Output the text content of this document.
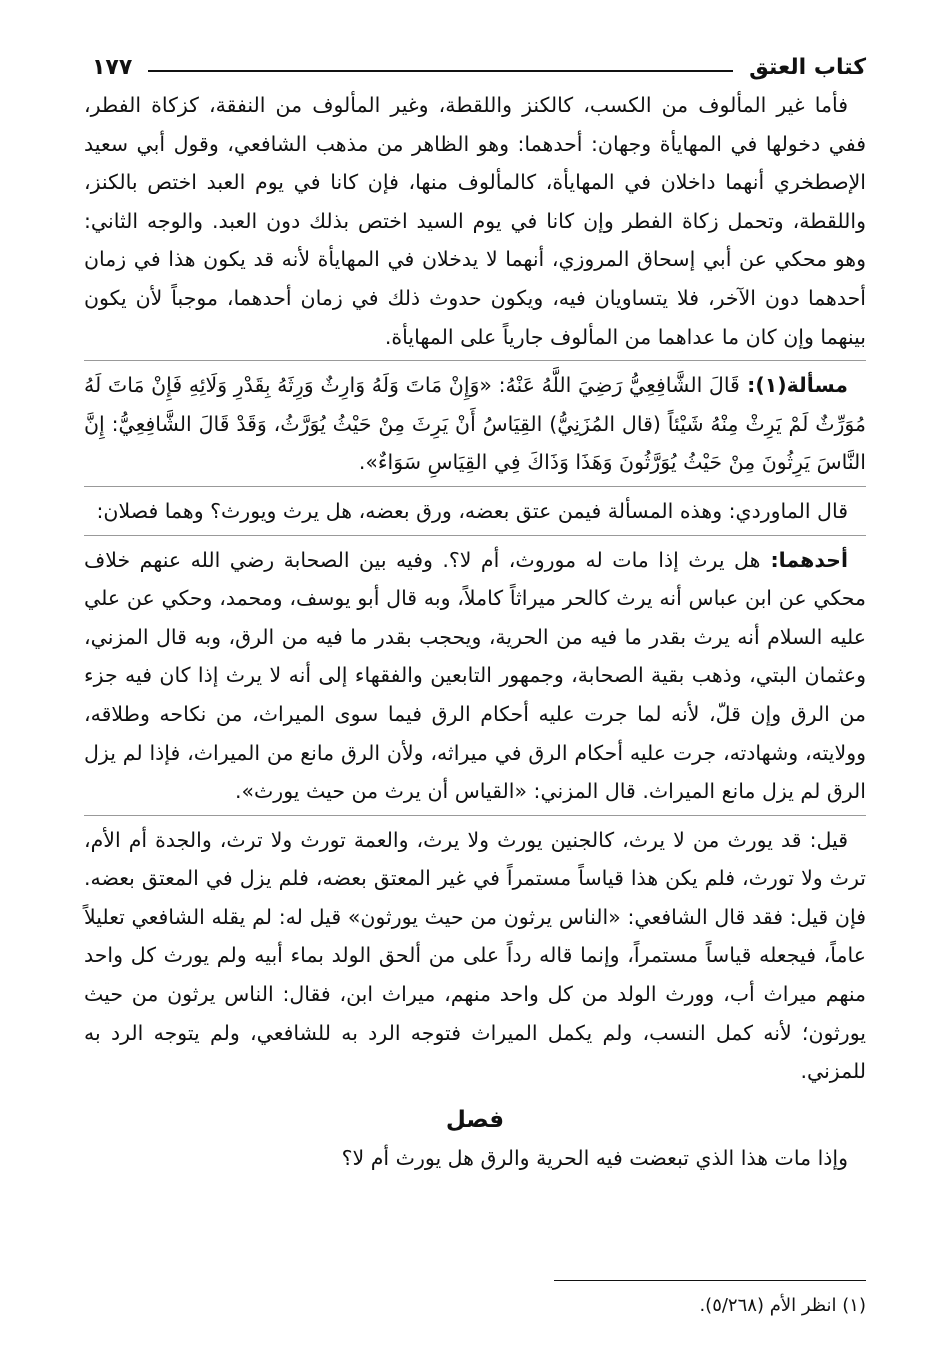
كتاب العتق
١٧٧

فأما غير المألوف من الكسب، كالكنز واللقطة، وغير المألوف من النفقة، كزكاة الفطر، ففي دخولها في المهايأة وجهان: أحدهما: وهو الظاهر من مذهب الشافعي، وقول أبي سعيد الإصطخري أنهما داخلان في المهايأة، كالمألوف منها، فإن كانا في يوم العبد اختص بالكنز، واللقطة، وتحمل زكاة الفطر وإن كانا في يوم السيد اختص بذلك دون العبد. والوجه الثاني: وهو محكي عن أبي إسحاق المروزي، أنهما لا يدخلان في المهايأة لأنه قد يكون هذا في زمان أحدهما دون الآخر، فلا يتساويان فيه، ويكون حدوث ذلك في زمان أحدهما، موجباً لأن يكون بينهما وإن كان ما عداهما من المألوف جارياً على المهايأة.

مسألة(١): قَالَ الشَّافِعِيُّ رَضِيَ اللَّهُ عَنْهُ: «وَإِنْ مَاتَ وَلَهُ وَارِثٌ وَرِثَهُ بِقَدْرِ وَلَائِهِ فَإِنْ مَاتَ لَهُ مُوَرِّثٌ لَمْ يَرِثْ مِنْهُ شَيْئاً (قال المُزَنِيُّ) القِيَاسُ أَنْ يَرِثَ مِنْ حَيْثُ يُوَرَّثُ، وَقَدْ قَالَ الشَّافِعِيُّ: إِنَّ النَّاسَ يَرِثُونَ مِنْ حَيْثُ يُوَرَّثُونَ وَهَذَا وَذَاكَ فِي القِيَاسِ سَوَاءٌ».

قال الماوردي: وهذه المسألة فيمن عتق بعضه، ورق بعضه، هل يرث ويورث؟ وهما فصلان:

أحدهما: هل يرث إذا مات له موروث، أم لا؟. وفيه بين الصحابة رضي الله عنهم خلاف محكي عن ابن عباس أنه يرث كالحر ميراثاً كاملاً، وبه قال أبو يوسف، ومحمد، وحكي عن علي عليه السلام أنه يرث بقدر ما فيه من الحرية، ويحجب بقدر ما فيه من الرق، وبه قال المزني، وعثمان البتي، وذهب بقية الصحابة، وجمهور التابعين والفقهاء إلى أنه لا يرث إذا كان فيه جزء من الرق وإن قلّ، لأنه لما جرت عليه أحكام الرق فيما سوى الميراث، من نكاحه وطلاقه، وولايته، وشهادته، جرت عليه أحكام الرق في ميراثه، ولأن الرق مانع من الميراث، فإذا لم يزل الرق لم يزل مانع الميراث. قال المزني: «القياس أن يرث من حيث يورث».

قيل: قد يورث من لا يرث، كالجنين يورث ولا يرث، والعمة تورث ولا ترث، والجدة أم الأم، ترث ولا تورث، فلم يكن هذا قياساً مستمراً في غير المعتق بعضه، فلم يزل في المعتق بعضه. فإن قيل: فقد قال الشافعي: «الناس يرثون من حيث يورثون» قيل له: لم يقله الشافعي تعليلاً عاماً، فيجعله قياساً مستمراً، وإنما قاله رداً على من ألحق الولد بماء أبيه ولم يورث كل واحد منهم ميراث أب، وورث الولد من كل واحد منهم، ميراث ابن، فقال: الناس يرثون من حيث يورثون؛ لأنه كمل النسب، ولم يكمل الميراث فتوجه الرد به للشافعي، ولم يتوجه الرد به للمزني.

فصل

وإذا مات هذا الذي تبعضت فيه الحرية والرق هل يورث أم لا؟

(١) انظر الأم (٥/٢٦٨).
